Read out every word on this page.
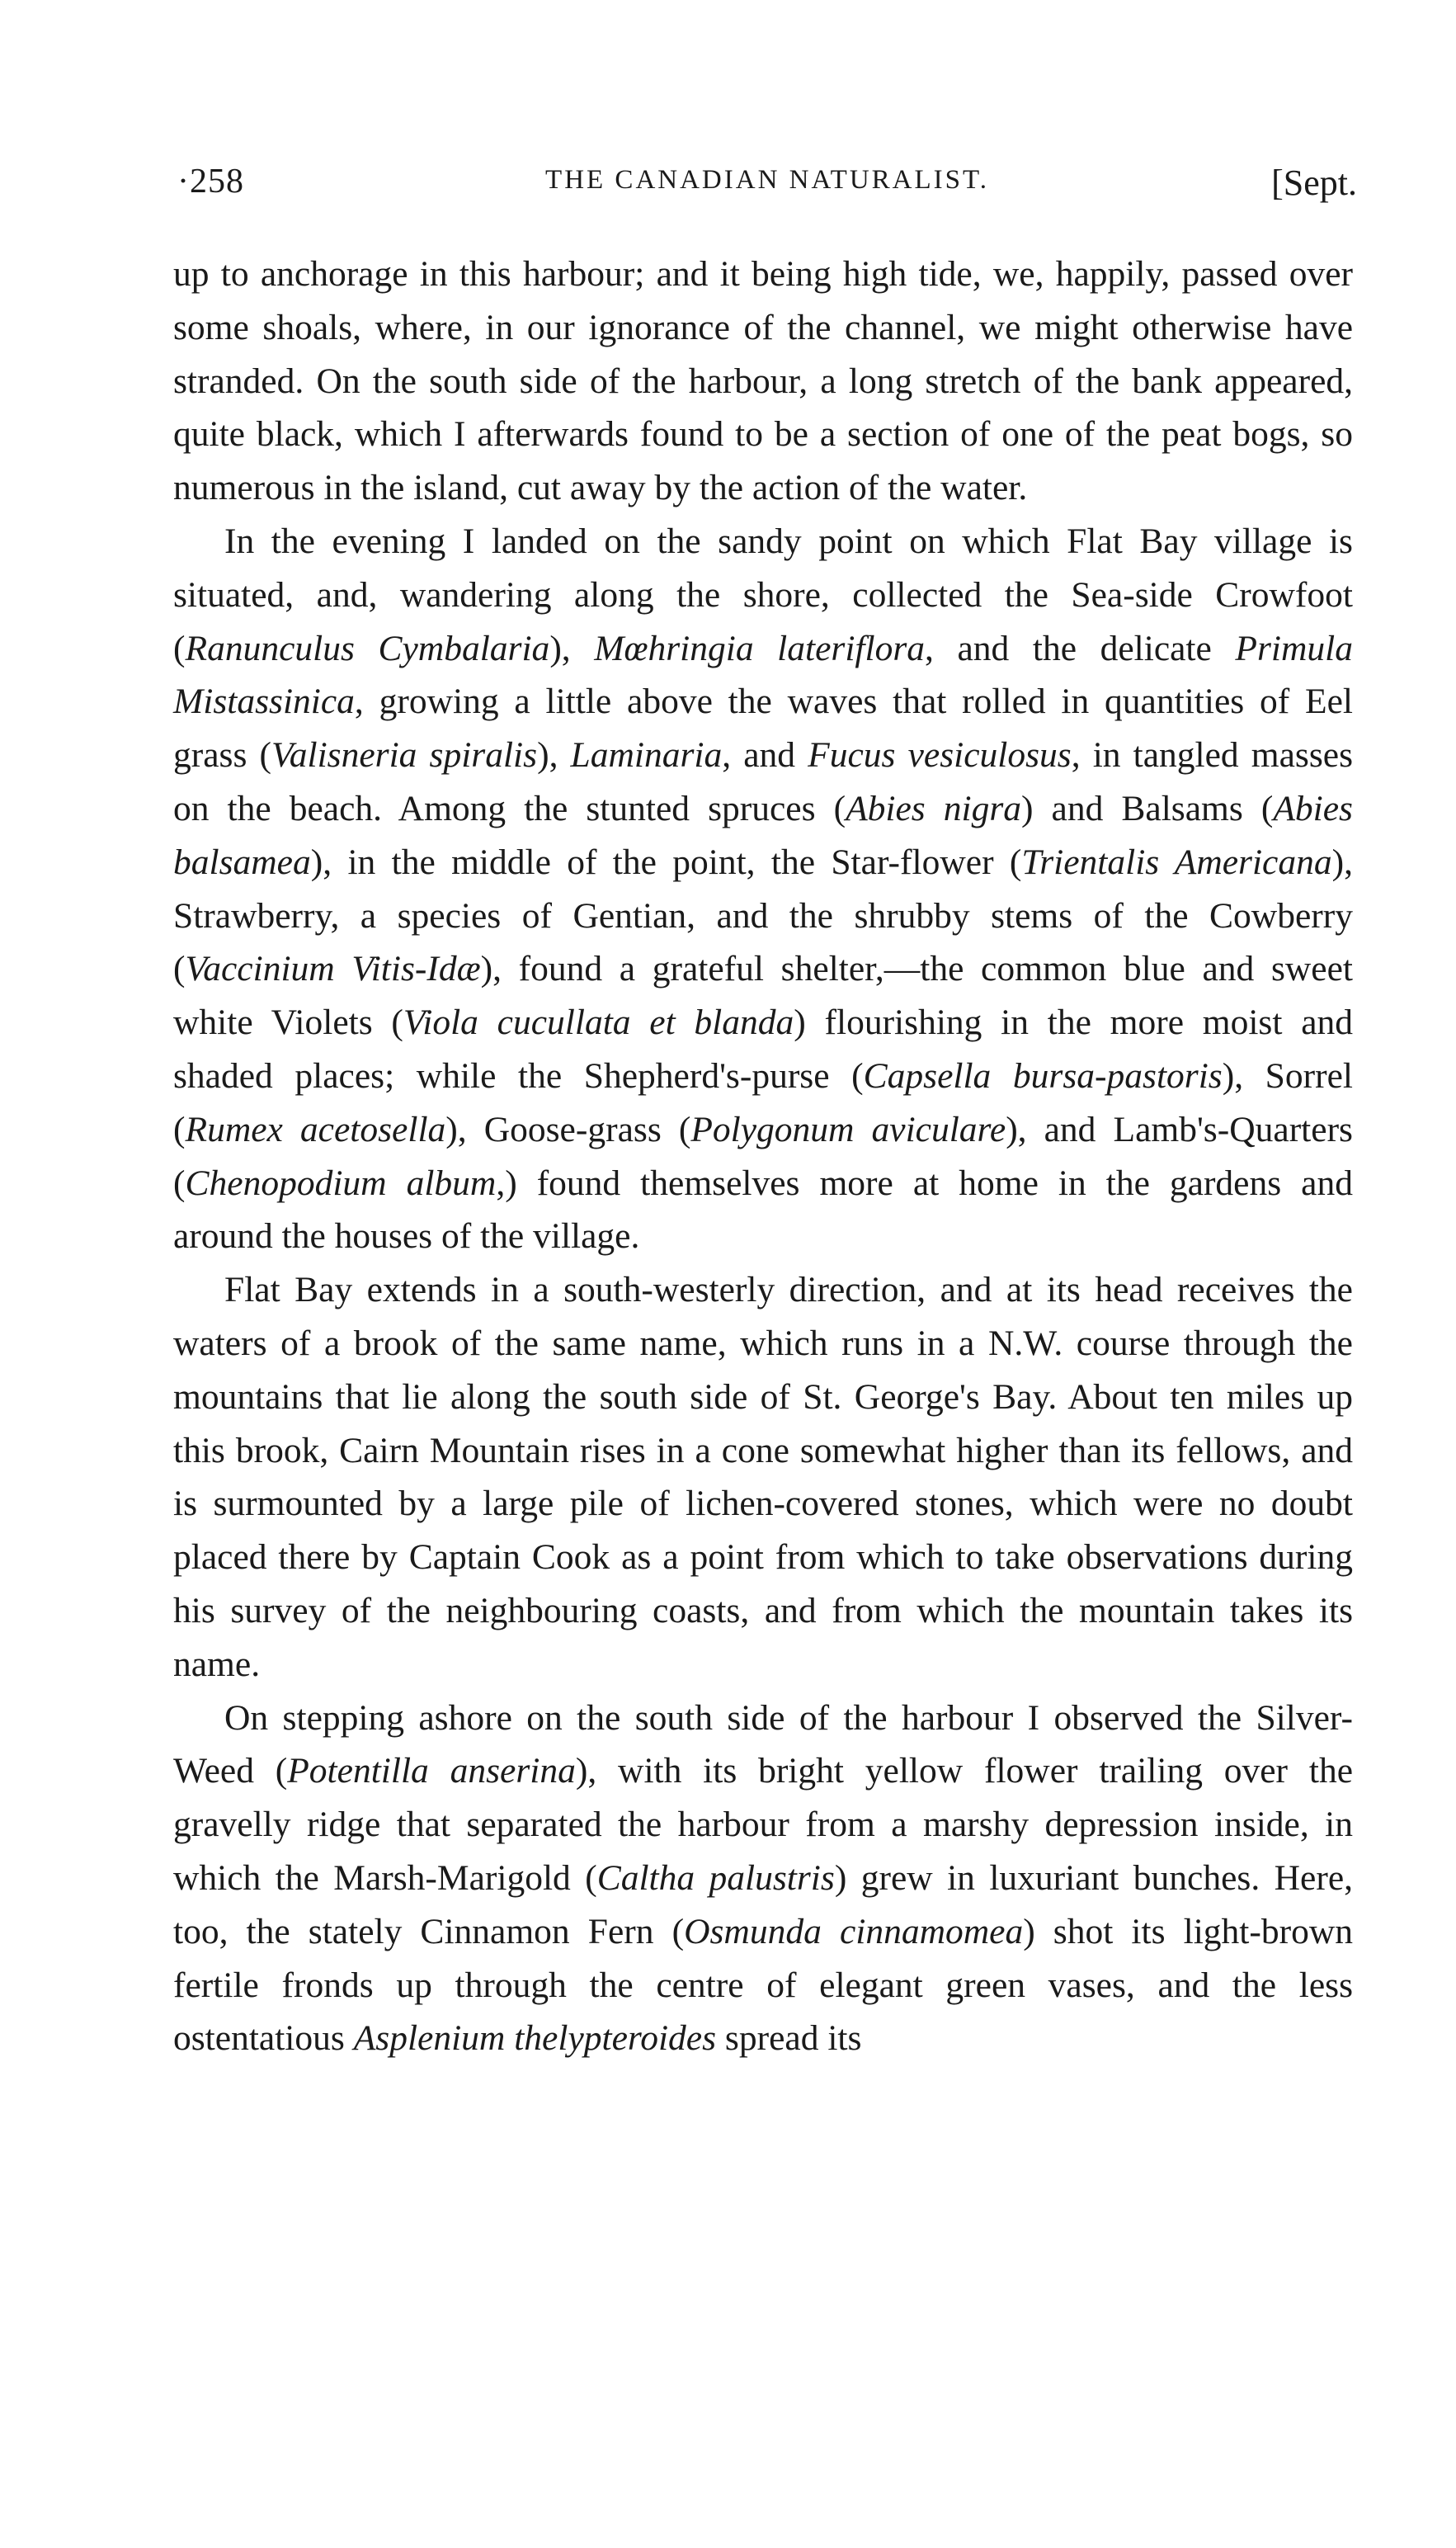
·258	THE CANADIAN NATURALIST.	[Sept.

up to anchorage in this harbour; and it being high tide, we, happily, passed over some shoals, where, in our ignorance of the channel, we might otherwise have stranded. On the south side of the harbour, a long stretch of the bank appeared, quite black, which I afterwards found to be a section of one of the peat bogs, so numerous in the island, cut away by the action of the water.

In the evening I landed on the sandy point on which Flat Bay village is situated, and, wandering along the shore, collected the Sea-side Crowfoot (Ranunculus Cymbalaria), Mœhringia lateriflora, and the delicate Primula Mistassinica, growing a little above the waves that rolled in quantities of Eel grass (Valisneria spiralis), Laminaria, and Fucus vesiculosus, in tangled masses on the beach. Among the stunted spruces (Abies nigra) and Balsams (Abies balsamea), in the middle of the point, the Star-flower (Trientalis Americana), Strawberry, a species of Gentian, and the shrubby stems of the Cowberry (Vaccinium Vitis-Idæ), found a grateful shelter,—the common blue and sweet white Violets (Viola cucullata et blanda) flourishing in the more moist and shaded places; while the Shepherd's-purse (Capsella bursa-pastoris), Sorrel (Rumex acetosella), Goose-grass (Polygonum aviculare), and Lamb's-Quarters (Chenopodium album,) found themselves more at home in the gardens and around the houses of the village.

Flat Bay extends in a south-westerly direction, and at its head receives the waters of a brook of the same name, which runs in a N.W. course through the mountains that lie along the south side of St. George's Bay. About ten miles up this brook, Cairn Mountain rises in a cone somewhat higher than its fellows, and is surmounted by a large pile of lichen-covered stones, which were no doubt placed there by Captain Cook as a point from which to take observations during his survey of the neighbouring coasts, and from which the mountain takes its name.

On stepping ashore on the south side of the harbour I observed the Silver-Weed (Potentilla anserina), with its bright yellow flower trailing over the gravelly ridge that separated the harbour from a marshy depression inside, in which the Marsh-Marigold (Caltha palustris) grew in luxuriant bunches. Here, too, the stately Cinnamon Fern (Osmunda cinnamomea) shot its light-brown fertile fronds up through the centre of elegant green vases, and the less ostentatious Asplenium thelypteroides spread its
